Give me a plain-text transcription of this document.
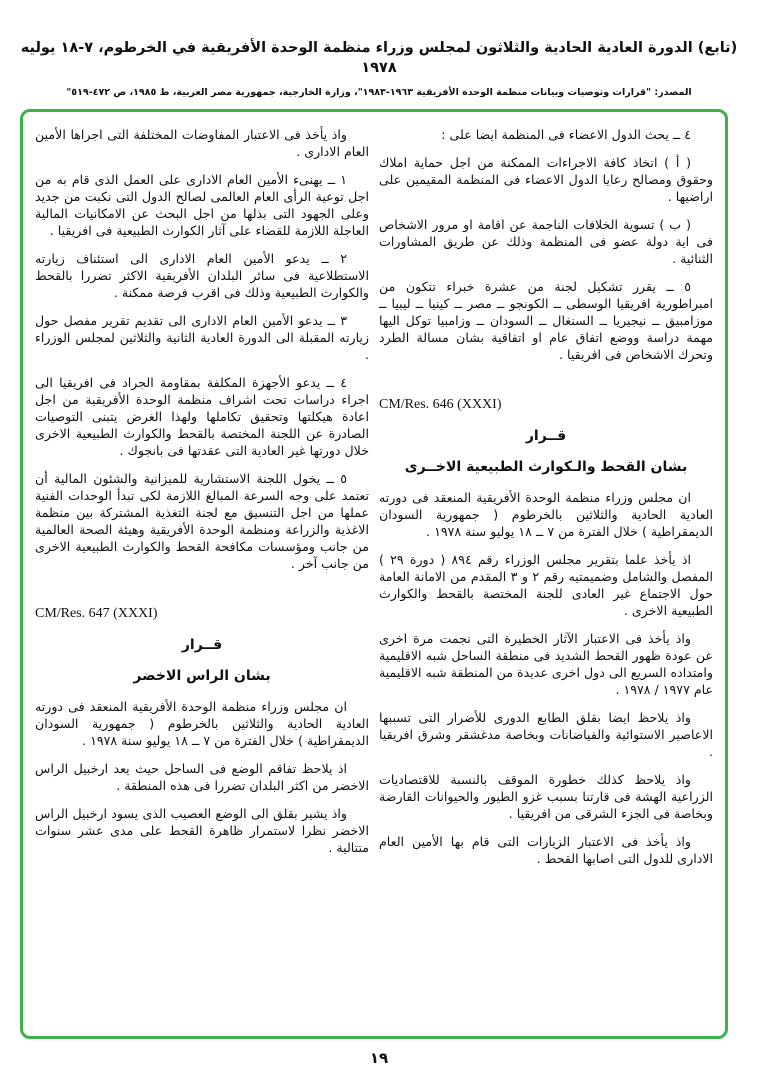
(تابع) الدورة العادية الحادية والثلاثون لمجلس وزراء منظمة الوحدة الأفريقية في الخرطوم، ٧-١٨ يوليه ١٩٧٨
المصدر: "قرارات وتوصيات وبيانات منظمة الوحدة الأفريقية ١٩٦٣-١٩٨٣"، وزارة الخارجية، جمهورية مصر العربية، ط ١٩٨٥، ص ٤٧٢-٥١٩"
٤ ــ يحث الدول الاعضاء فى المنظمة ايضا على :
( أ ) اتخاذ كافة الاجراءات الممكنة من اجل حماية املاك وحقوق ومصالح رعايا الدول الاعضاء فى المنظمة المقيمين على اراضيها .
( ب ) تسوية الخلافات الناجمة عن اقامة او مرور الاشخاص فى اية دولة عضو فى المنظمة وذلك عن طريق المشاورات الثنائية .
٥ ــ يقرر تشكيل لجنة من عشرة خبراء تتكون من امبراطورية افريقيا الوسطى ــ الكونجو ــ مصر ــ كينيا ــ ليبيا ــ موزامبيق ــ نيجيريا ــ السنغال ــ السودان ــ وزامبيا توكل اليها مهمة دراسة ووضع اتفاق عام او اتفاقية بشان مسالة الطرد وتحرك الاشخاص فى افريقيا .
CM/Res. 646 (XXXI)
قــرار
بشان القحط والـكوارث الطبيعية الاخــرى
ان مجلس وزراء منظمة الوحدة الأفريقية المنعقد فى دورته العادية الحادية والثلاثين بالخرطوم ( جمهورية السودان الديمقراطية ) خلال الفترة من ٧ ــ ١٨ يوليو سنة ١٩٧٨ .
اذ يأخذ علما بتقرير مجلس الوزراء رقم ٨٩٤ ( دورة ٢٩ ) المفصل والشامل وضميمتيه رقم ٢ و ٣ المقدم من الامانة العامة حول الاجتماع غير العادى للجنة المختصة بالقحط والكوارث الطبيعية الاخرى .
واذ يأخذ فى الاعتبار الآثار الخطيرة التى نجمت مرة اخرى عن عودة ظهور القحط الشديد فى منطقة الساحل شبه الاقليمية وامتداده السريع الى دول اخرى عديدة من المنطقة شبه الاقليمية عام ١٩٧٧ / ١٩٧٨ .
واذ يلاحظ ايضا بقلق الطابع الدورى للأضرار التى تسببها الاعاصير الاستوائية والفياضانات وبخاصة مدغشقر وشرق افريقيا .
واذ يلاحظ كذلك خطورة الموقف بالنسبة للاقتصاديات الزراعية الهشة فى قارتنا بسبب غزو الطيور والحيوانات القارضة وبخاصة فى الجزء الشرقى من افريقيا .
واذ يأخذ فى الاعتبار الزيارات التى قام بها الأمين العام الادارى للدول التى اصابها القحط .
واذ يأخذ فى الاعتبار المفاوضات المختلفة التى اجراها الأمين العام الادارى .
١ ــ يهنىء الأمين العام الادارى على العمل الذى قام به من اجل توعية الرأى العام العالمى لصالح الدول التى نكبت من جديد وعلى الجهود التى بذلها من اجل البحث عن الامكانيات المالية العاجلة اللازمة للقضاء على آثار الكوارث الطبيعية فى افريقيا .
٢ ــ يدعو الأمين العام الادارى الى استئناف زيارته الاستطلاعية فى سائر البلدان الأفريقية الاكثر تضررا بالقحط والكوارث الطبيعية وذلك فى اقرب فرصة ممكنة .
٣ ــ يدعو الأمين العام الادارى الى تقديم تقرير مفصل حول زيارته المقبلة الى الدورة العادية الثانية والثلاثين لمجلس الوزراء .
٤ ــ يدعو الأجهزة المكلفة بمقاومة الجراد فى افريقيا الى اجراء دراسات تحت اشراف منظمة الوحدة الأفريقية من اجل اعادة هيكلتها وتحقيق تكاملها ولهذا الغرض يتبنى التوصيات الصادرة عن اللجنة المختصة بالقحط والكوارث الطبيعية الاخرى خلال دورتها غير العادية التى عقدتها فى بانجوك .
٥ ــ يخول اللجنة الاستشارية للميزانية والشئون المالية أن تعتمد على وجه السرعة المبالغ اللازمة لكى تبدأ الوحدات الفنية عملها من اجل التنسيق مع لجنة التغذية المشتركة بين منظمة الاغذية والزراعة ومنظمة الوحدة الأفريقية وهيئة الصحة العالمية من جانب ومؤسسات مكافحة القحط والكوارث الطبيعية الاخرى من جانب آخر .
CM/Res. 647 (XXXI)
قــرار
بشان الراس الاخضر
ان مجلس وزراء منظمة الوحدة الأفريقية المنعقد فى دورته العادية الحادية والثلاثين بالخرطوم ( جمهورية السودان الديمقراطية ) خلال الفترة من ٧ ــ ١٨ يوليو سنة ١٩٧٨ .
اذ يلاحظ تفاقم الوضع فى الساحل حيث يعد ارخبيل الراس الاخضر من اكثر البلدان تضررا فى هذه المنطقة .
واذ يشير بقلق الى الوضع العصيب الذى يسود ارخبيل الراس الاخضر نظرا لاستمرار ظاهرة القحط على مدى عشر سنوات متتالية .
١٩
